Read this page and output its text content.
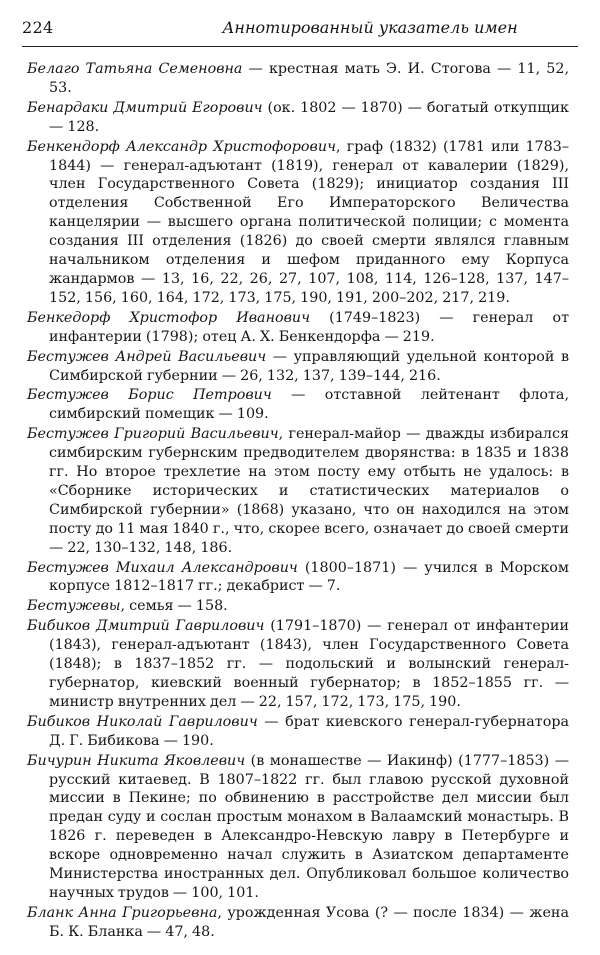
224	Аннотированный указатель имен

Белаго Татьяна Семеновна — крестная мать Э. И. Стогова — 11, 52, 53.

Бенардаки Дмитрий Егорович (ок. 1802 — 1870) — богатый откупщик — 128.

Бенкендорф Александр Христофорович, граф (1832) (1781 или 1783–1844) — генерал-адъютант (1819), генерал от кавалерии (1829), член Государственного Совета (1829); инициатор создания III отделения Собственной Его Императорского Величества канцелярии — высшего органа политической полиции; с момента создания III отделения (1826) до своей смерти являлся главным начальником отделения и шефом приданного ему Корпуса жандармов — 13, 16, 22, 26, 27, 107, 108, 114, 126–128, 137, 147–152, 156, 160, 164, 172, 173, 175, 190, 191, 200–202, 217, 219.

Бенкедорф Христофор Иванович (1749–1823) — генерал от инфантерии (1798); отец А. Х. Бенкендорфа — 219.

Бестужев Андрей Васильевич — управляющий удельной конторой в Симбирской губернии — 26, 132, 137, 139–144, 216.

Бестужев Борис Петрович — отставной лейтенант флота, симбирский помещик — 109.

Бестужев Григорий Васильевич, генерал-майор — дважды избирался симбирским губернским предводителем дворянства: в 1835 и 1838 гг. Но второе трехлетие на этом посту ему отбыть не удалось: в «Сборнике исторических и статистических материалов о Симбирской губернии» (1868) указано, что он находился на этом посту до 11 мая 1840 г., что, скорее всего, означает до своей смерти — 22, 130–132, 148, 186.

Бестужев Михаил Александрович (1800–1871) — учился в Морском корпусе 1812–1817 гг.; декабрист — 7.

Бестужевы, семья — 158.

Бибиков Дмитрий Гаврилович (1791–1870) — генерал от инфантерии (1843), генерал-адъютант (1843), член Государственного Совета (1848); в 1837–1852 гг. — подольский и волынский генерал-губернатор, киевский военный губернатор; в 1852–1855 гг. — министр внутренних дел — 22, 157, 172, 173, 175, 190.

Бибиков Николай Гаврилович — брат киевского генерал-губернатора Д. Г. Бибикова — 190.

Бичурин Никита Яковлевич (в монашестве — Иакинф) (1777–1853) — русский китаевед. В 1807–1822 гг. был главою русской духовной миссии в Пекине; по обвинению в расстройстве дел миссии был предан суду и сослан простым монахом в Валаамский монастырь. В 1826 г. переведен в Александро-Невскую лавру в Петербурге и вскоре одновременно начал служить в Азиатском департаменте Министерства иностранных дел. Опубликовал большое количество научных трудов — 100, 101.

Бланк Анна Григорьевна, урожденная Усова (? — после 1834) — жена Б. К. Бланка — 47, 48.
